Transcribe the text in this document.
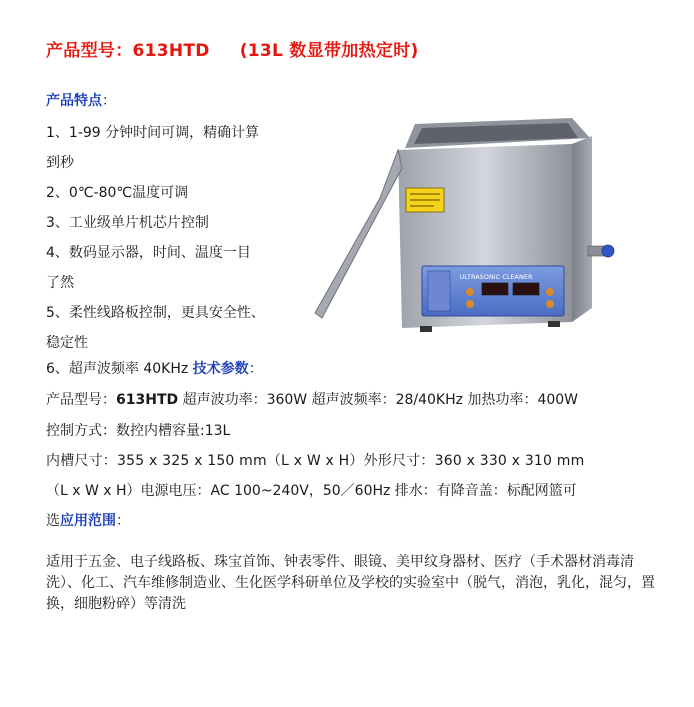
产品型号：613HTD (13L 数显带加热定时)
产品特点：
1、1-99 分钟时间可调，精确计算
到秒
2、0℃-80℃温度可调
3、工业级单片机芯片控制
4、数码显示器，时间、温度一目
了然
5、柔性线路板控制，更具安全性、
稳定性
6、超声波频率 40KHz 技术参数：
产品型号：613HTD 超声波功率：360W 超声波频率：28/40KHz 加热功率：400W
控制方式：数控内槽容量:13L
内槽尺寸：355 x 325 x 150 mm（L x W x H）外形尺寸：360 x 330 x 310 mm
（L x W x H）电源电压：AC 100~240V，50／60Hz 排水：有降音盖：标配网篮可
选应用范围：
适用于五金、电子线路板、珠宝首饰、钟表零件、眼镜、美甲纹身器材、医疗（手术器材消毒清洗）、化工、汽车维修制造业、生化医学科研单位及学校的实验室中（脱气，消泡，乳化，混匀，置换，细胞粉碎）等清洗
ULTRASONIC CLEANER
